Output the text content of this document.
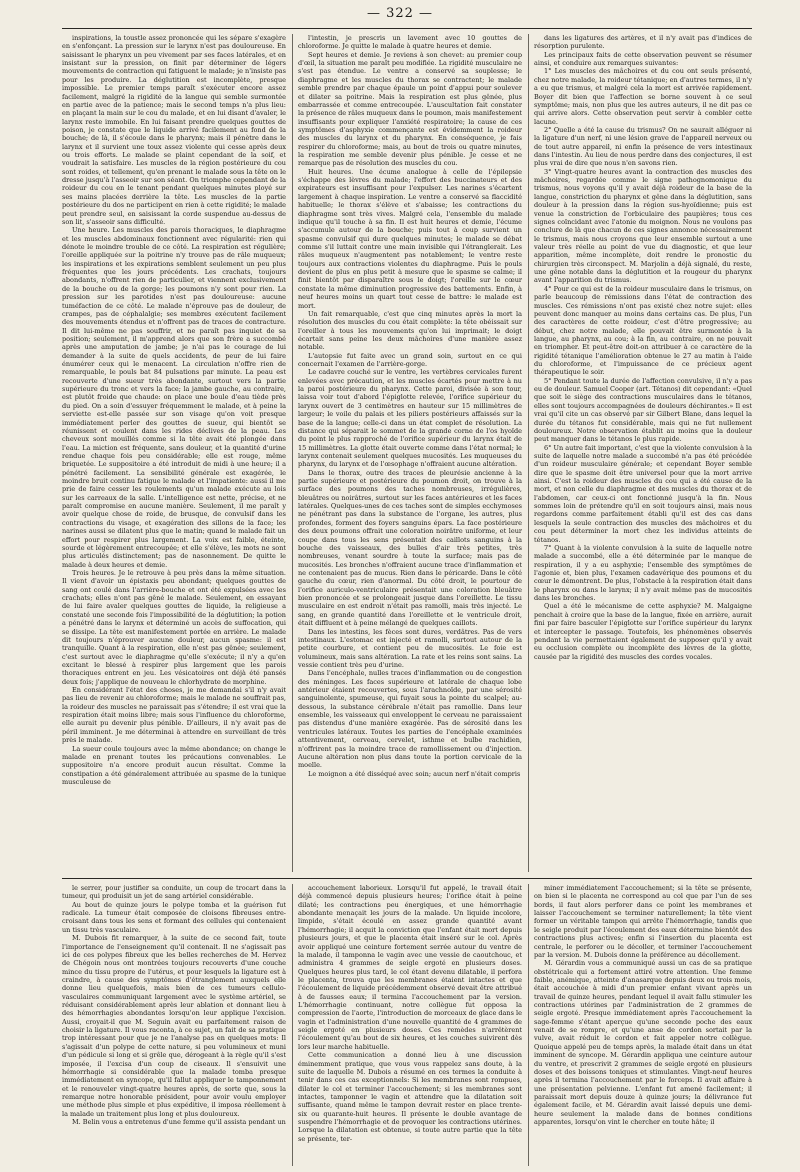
— 322 —

inspirations, la toustle assez prononcée qui les sépare s'exagère en s'enfonçant. La pression sur le larynx n'est pas douloureuse. En saisissant le pharynx un peu vivement par ses faces latérales, et en insistant sur la pression, on finit par déterminer de légers mouvements de contraction qui fatiguent le malade; je n'insiste pas pour les produire. La déglutition est incomplète, presque impossible. Le premier temps paraît s'exécuter encore assez facilement, malgré la rigidité de la langue qui semble surmontée en partie avec de la patience; mais le second temps n'a plus lieu: en plaçant la main sur le cou du malade, et en lui disant d'avaler, le larynx reste immobile. En lui faisant prendre quelques gouttes de poison, je constate que le liquide arrivé facilement au fond de la bouche; de là, il s'écoule dans le pharynx; mais il pénètre dans le larynx et il survient une toux assez violente qui cesse après deux ou trois efforts. Le malade se plaint cependant de la soif, et voudrait la satisfaire. Les muscles de la région postérieure du cou sont roides, et tellement, qu'en prenant le malade sous la tête on le dresse jusqu'à l'asseoir sur son séant. On triomphe cependant de la roideur du cou en le tenant pendant quelques minutes ployé sur ses mains placées derrière la tête. Les muscles de la partie postérieure du dos ne participent en rien à cette rigidité; le malade peut prendre seul, en saisissant la corde suspendue au-dessus de son lit, s'asseoir sans difficulté.

Une heure. Les muscles des parois thoraciques, le diaphragme et les muscles abdominaux fonctionnent avec régularité: rien qui dénote le moindre trouble de ce côté. La respiration est régulière; l'oreille appliquée sur la poitrine n'y trouve pas de râle muqueux; les inspirations et les expirations semblent seulement un peu plus fréquentes que les jours précédents. Les crachats, toujours abondants, n'offrent rien de particulier, et viennent exclusivement de la bouche ou de la gorge; les poumons n'y sont pour rien. La pression sur les parotides n'est pas douloureuse: aucune tuméfaction de ce côté. Le malade n'éprouve pas de douleur, de crampes, pas de céphalalgie; ses membres exécutent facilement des mouvements étendus et n'offrent pas de traces de contracture. Il dit lui-même ne pas souffrir, et ne paraît pas inquiet de sa position; seulement, il m'apprend alors que son frère a succombé après une amputation de jambe; je n'ai pas le courage de lui demander à la suite de quels accidents, de peur de lui faire énumérer ceux qui le menacent. La circulation n'offre rien de remarquable, le pouls bat 84 pulsations par minute. La peau est recouverte d'une sueur très abondante, surtout vers la partie supérieure du tronc et vers la face; la jambe gauche, au contraire, est plutôt froide que chaude: on place une boule d'eau tiède près du pied. On a soin d'essuyer fréquemment le malade, et à peine la serviette est-elle passée sur son visage qu'on voit presque immédiatement perler des gouttes de sueur, qui bientôt se réunissent et coulent dans les rides déclives de la peau. Les cheveux sont mouillés comme si la tête avait été plongée dans l'eau. La miction est fréquente, sans douleur, et la quantité d'urine rendue chaque fois peu considérable; elle est rouge, même briquetée. Le suppositoire a été introduit de midi à une heure; il a pénétré facilement. La sensibilité générale est exagérée, le moindre bruit continu fatigue le malade et l'impatiente: aussi il me prie de faire cesser les roulements qu'un malade exécute au lois sur les carreaux de la salle. L'intelligence est nette, précise, et ne paraît compromise en aucune manière. Seulement, il me paraît y avoir quelque chose de roide, de brusque, de convulsif dans les contractions du visage, et exagération des sillons de la face; les narines aussi se dilatent plus que le matin; quand le malade fait un effort pour respirer plus largement. La voix est faible, éteinte, sourde et légèrement entrecoupée; et elle s'élève, les mots ne sont plus articulés distinctement; pas de nasonnement. De quitte le malade à deux heures et demie.

Trois heures. Je le retrouve à peu près dans la même situation. Il vient d'avoir un épistaxis peu abondant; quelques gouttes de sang ont coulé dans l'arrière-bouche et ont été expulsées avec les crachats; elles n'ont pas gêné le malade. Seulement, en essayant de lui faire avaler quelques gouttes de liquide, la religieuse a constaté une seconde fois l'impossibilité de la déglutition; la potion a pénétré dans le larynx et déterminé un accès de suffocation, qui se dissipe. La tête est manifestement portée en arrière. Le malade dit toujours n'éprouver aucune douleur, aucun spasme: il est tranquille. Quant à la respiration, elle n'est pas gênée; seulement, c'est surtout avec le diaphragme qu'elle s'exécute; il n'y a qu'en excitant le blessé à respirer plus largement que les parois thoraciques entrent en jeu. Les vésicatoires ont déjà été pansés deux fois; j'applique de nouveau le chlorhydrate de morphine.

En considérant l'état des choses, je me demandai s'il n'y avait pas lieu de revenir au chloroforme; mais le malade ne souffrait pas, la roideur des muscles ne paraissait pas s'étendre; il est vrai que la respiration était moins libre; mais sous l'influence du chloroforme, elle aurait pu devenir plus pénible. D'ailleurs, il n'y avait pas de péril imminent. Je me déterminai à attendre en surveillant de très près le malade.

La sueur coule toujours avec la même abondance; on change le malade en prenant toutes les précautions convenables. Le suppositoire n'a encore produit aucun résultat. Comme la constipation a été généralement attribuée au spasme de la tunique musculeuse de

l'intestin, je prescris un lavement avec 10 gouttes de chloroforme. Je quitte le malade à quatre heures et demie.

Sept heures et demie. Je reviens à son chevet: au premier coup d'œil, la situation me paraît peu modifiée. La rigidité musculaire ne s'est pas étendue. Le ventre a conservé sa souplesse; le diaphragme et les muscles du thorax se contractent; le malade semble prendre par chaque épaule un point d'appui pour soulever et dilater sa poitrine. Mais la respiration est plus gênée, plus embarrassée et comme entrecoupée. L'auscultation fait constater la présence de râles muqueux dans le poumon, mais manifestement insuffisants pour expliquer l'anxiété respiratoire; la cause de ces symptômes d'asphyxie commençante est évidemment la roideur des muscles du larynx et du pharynx. En conséquence, je fais respirer du chloroforme; mais, au bout de trois ou quatre minutes, la respiration me semble devenir plus pénible. Je cesse et ne remarque pas de résolution des muscles du cou.

Huit heures. Une écume analogue à celle de l'épilepsie s'échappe des lèvres du malade; l'effort des buccinateurs et des expirateurs est insuffisant pour l'expulser. Les narines s'écartent largement à chaque inspiration. Le ventre a conservé sa flaccidité habituelle; le thorax s'élève et s'abaisse; les contractions du diaphragme sont très vives. Malgré cela, l'ensemble du malade indique qu'il touche à sa fin. Il est huit heures et demie, l'écume s'accumule autour de la bouche; puis tout à coup survient un spasme convulsif qui dure quelques minutes; le malade se débat comme s'il luttait contre une main invisible qui l'étranglerait. Les râles muqueux n'augmentent pas notablement; le ventre reste toujours aux contractions violentes du diaphragme. Puis le pouls devient de plus en plus petit à mesure que le spasme se calme; il finit bientôt par disparaître sous le doigt; l'oreille sur le cœur constate la même diminution progressive des battements. Enfin, à neuf heures moins un quart tout cesse de battre: le malade est mort.

Un fait remarquable, c'est que cinq minutes après la mort la résolution des muscles du cou était complète: la tête obéissait sur l'oreiller à tous les mouvements qu'on lui imprimait; le doigt écartait sans peine les deux mâchoires d'une manière assez notable.

L'autopsie fut faite avec un grand soin, surtout en ce qui concernait l'examen de l'arrière-gorge.

Le cadavre couché sur le ventre, les vertèbres cervicales furent enlevées avec précaution, et les muscles écartés pour mettre à nu la paroi postérieure du pharynx. Cette paroi, divisée à son tour, laissa voir tout d'abord l'épiglotte relevée, l'orifice supérieur du larynx ouvert de 3 centimètres en hauteur sur 15 millimètres de largeur; le voile du palais et les piliers postérieurs affaissés sur la base de la langue; celle-ci dans un état complet de résolution. La distance qui séparait le sommet de la grande corne de l'os hyoïde du point le plus rapproché de l'orifice supérieur du larynx était de 15 millimètres. La glotte était ouverte comme dans l'état normal; le larynx contenait seulement quelques mucosités. Les muqueuses du pharynx, du larynx et de l'œsophage n'offraient aucune altération.

Dans le thorax, outre des traces de pleurésie ancienne à la partie supérieure et postérieure du poumon droit, on trouve à la surface des poumons des taches nombreuses, irrégulières, bleuâtres ou noirâtres, surtout sur les faces antérieures et les faces latérales. Quelques-unes de ces taches sont de simples ecchymoses ne pénétrant pas dans la substance de l'organe, les autres, plus profondes, forment des foyers sanguins épars. La face postérieure des deux poumons offrait une coloration noirâtre uniforme, et leur coupe dans tous les sens présentait des caillots sanguins à la bouche des vaisseaux, des bulles d'air très petites, très nombreuses, venant sourdre à toute la surface; mais pas de mucosités. Les bronches n'offraient aucune trace d'inflammation et ne contenaient pas de mucus. Rien dans le péricarde. Dans le côté gauche du cœur, rien d'anormal. Du côté droit, le pourtour de l'orifice auriculo-ventriculaire présentait une coloration bleuâtre bien prononcée et se prolongeait jusque dans l'oreillette. Le tissu musculaire en est endroit n'était pas ramolli, mais très injecté. Le sang, en grande quantité dans l'oreillette et le ventricule droit, était diffluent et à peine mélangé de quelques caillots.

Dans les intestins, les fèces sont dures, verdâtres. Pas de vers intestinaux. L'estomac est injecté et ramolli, surtout autour de la petite courbure, et contient peu de mucosités. Le foie est volumineux, mais sans altération. La rate et les reins sont sains. La vessie contient très peu d'urine.

Dans l'encéphale, nulles traces d'inflammation ou de congestion des méninges. Les faces supérieure et latérale de chaque lobe antérieur étaient recouvertes, sous l'arachnoïde, par une sérosité sanguinolente, spumeuse, qui fuyait sous la pointe du scalpel; au-dessous, la substance cérébrale n'était pas ramollie. Dans leur ensemble, les vaisseaux qui enveloppent le cerveau ne paraissaient pas distendus d'une manière exagérée. Pas de sérosité dans les ventricules latéraux. Toutes les parties de l'encéphale examinées attentivement, cerveau, cervelet, isthme et bulbe rachidien, n'offrirent pas la moindre trace de ramollissement ou d'injection. Aucune altération non plus dans toute la portion cervicale de la moelle.

Le moignon a été disséqué avec soin; aucun nerf n'était compris

dans les ligatures des artères, et il n'y avait pas d'indices de résorption purulente.

Les principaux faits de cette observation peuvent se résumer ainsi, et conduire aux remarques suivantes:

1° Les muscles des mâchoires et du cou ont seuls présenté, chez notre malade, la roideur tétanique; en d'autres termes, il n'y a eu que trismus, et malgré cela la mort est arrivée rapidement. Boyer dit bien que l'affection se borne souvent à ce seul symptôme; mais, non plus que les autres auteurs, il ne dit pas ce qui arrive alors. Cette observation peut servir à combler cette lacune.

2° Quelle a été la cause du trismus? On ne saurait alléguer ni la ligature d'un nerf, ni une lésion grave de l'appareil nerveux ou de tout autre appareil, ni enfin la présence de vers intestinaux dans l'intestin. Au lieu de nous perdre dans des conjectures, il est plus vrai de dire que nous n'en savons rien.

3° Vingt-quatre heures avant la contraction des muscles des mâchoires, regardée comme le signe pathognomonique du trismus, nous voyons qu'il y avait déjà roideur de la base de la langue, constriction du pharynx et gêne dans la déglutition, sans douleur à la pression dans la région sus-hyoïdienne; puis est venue la constriction de l'orbiculaire des paupières; tous ces signes coïncidant avec l'atonie du moignon. Nous ne voulons pas conclure de là que chacun de ces signes annonce nécessairement le trismus, mais nous croyons que leur ensemble surtout a une valeur très réelle au point de vue du diagnostic, et que leur apparition, même incomplète, doit rendre le pronostic du chirurgien très circonspect. M. Marjolin a déjà signalé, du reste, une gêne notable dans la déglutition et la rougeur du pharynx avant l'apparition du trismus.

4° Pour ce qui est de la roideur musculaire dans le trismus, on parle beaucoup de rémissions dans l'état de contraction des muscles. Ces rémissions n'ont pas existé chez notre sujet: elles peuvent donc manquer au moins dans certains cas. De plus, l'un des caractères de cette roideur, c'est d'être progressive; au début, chez notre malade, elle pouvait être surmontée à la langue, au pharynx, au cou; à la fin, au contraire, on ne pouvait en triompher. Et peut-être doit-on attribuer à ce caractère de la rigidité tétanique l'amélioration obtenue le 27 au matin à l'aide du chloroforme, et l'impuissance de ce précieux agent thérapeutique le soir.

5° Pendant toute la durée de l'affection convulsive, il n'y a pas eu de douleur. Samuel Cooper (art. Tétanos) dit cependant: «Quel que soit le siège des contractions musculaires dans le tétanos, elles sont toujours accompagnées de douleurs déchirantes.» Il est vrai qu'il cite un cas observé par sir Gilbert Blane, dans lequel la durée du tétanos fut considérable, mais qui ne fut nullement douloureux. Notre observation établit au moins que la douleur peut manquer dans le tétanos le plus rapide.

6° Un autre fait important, c'est que la violente convulsion à la suite de laquelle notre malade a succombé n'a pas été précédée d'un roideur musculaire générale; et cependant Boyer semble dire que le spasme doit être universel pour que la mort arrive ainsi. C'est la roideur des muscles du cou qui a été cause de la mort, et non celle du diaphragme et des muscles du thorax et de l'abdomen, car ceux-ci ont fonctionné jusqu'à la fin. Nous sommes loin de prétendre qu'il en soit toujours ainsi, mais nous regardons comme parfaitement établi qu'il est des cas dans lesquels la seule contraction des muscles des mâchoires et du cou peut déterminer la mort chez les individus atteints de tétanos.

7° Quant à la violente convulsion à la suite de laquelle notre malade a succombé, elle a été déterminée par le manque de respiration, il y a eu asphyxie; l'ensemble des symptômes de l'agonie et, bien plus, l'examen cadavérique des poumons et du cœur le démontrent. De plus, l'obstacle à la respiration était dans le pharynx ou dans le larynx; il n'y avait même pas de mucosités dans les bronches.

Quel a été le mécanisme de cette asphyxie? M. Malgaigne penchait à croire que la base de la langue, fixée en arrière, aurait fini par faire basculer l'épiglotte sur l'orifice supérieur du larynx et intercepter le passage. Toutefois, les phénomènes observés pendant la vie permettaient également de supposer qu'il y avait eu occlusion complète ou incomplète des lèvres de la glotte, causée par la rigidité des muscles des cordes vocales.

le serrer, pour justifier sa conduite, un coup de trocart dans la tumeur, qui produisit un jet de sang artériel considérable.

Au bout de quinze jours le polype tomba et la guérison fut radicale. La tumeur était composée de cloisons fibreuses entre-croisant dans tous les sens et formant des cellules qui contenaient un tissu très vasculaire.

M. Dubois fit remarquer, à la suite de ce second fait, toute l'importance de l'enseignement qu'il contenait. Il ne s'agissait pas ici de ces polypes fibreux que les belles recherches de M. Hervez de Chégoin nous ont montrées toujours recouverts d'une couche mince du tissu propre de l'utérus, et pour lesquels la ligature est à craindre, à cause des symptômes d'étranglement auxquels elle donne lieu quelquefois, mais bien de ces tumeurs cellulo-vasculaires communiquant largement avec le système artériel, se réduisant considérablement après leur ablation et donnant lieu à des hémorrhagies abondantes lorsqu'on leur applique l'excision. Aussi, croyait-il que M. Seguin avait eu parfaitement raison de choisir la ligature. Il vous raconta, à ce sujet, un fait de sa pratique trop intéressant pour que je ne l'analyse pas en quelques mots: Il s'agissait d'un polype de cette nature, si peu volumineux et muni d'un pédicule si long et si grêle que, dérogeant à la règle qu'il s'est imposée, il l'excisa d'un coup de ciseaux. Il s'ensuivit une hémorrhagie si considérable que la malade tomba presque immédiatement en syncope, qu'il fallut appliquer le tamponnement et le renouveler vingt-quatre heures après, de sorte que, sous la remarque notre honorable président, pour avoir voulu employer une méthode plus simple et plus expéditive, il imposa réellement à la malade un traitement plus long et plus douloureux.

M. Belin vous a entretenus d'une femme qu'il assista pendant un

accouchement laborieux. Lorsqu'il fut appelé, le travail était déjà commencé depuis plusieurs heures; l'orifice était à peine dilaté; les contractions peu énergiques, et une hémorrhagie abondante menaçait les jours de la malade. Un liquide incolore, limpide, s'était écoulé en assez grande quantité avant l'hémorrhagie; il acquit la conviction que l'enfant était mort depuis plusieurs jours, et que le placenta était inséré sur le col. Après avoir appliqué une ceinture fortement serrée autour du ventre de la malade, il tamponna le vagin avec une vessie de caoutchouc, et administra 4 grammes de seigle ergoté en plusieurs doses. Quelques heures plus tard, le col étant devenu dilatable, il perfora le placenta, trouva que les membranes étaient intactes et que l'écoulement de liquide précédemment observé devait être attribué à de fausses eaux; il termina l'accouchement par la version. L'hémorrhagie continuant, notre collègue fut opposa la compression de l'aorte, l'introduction de morceaux de glace dans le vagin et l'administration d'une nouvelle quantité de 4 grammes de seigle ergoté en plusieurs doses. Ces remèdes n'arrêtèrent l'écoulement qu'au bout de six heures, et les couches suivirent dès lors leur marche habituelle.

Cette communication a donné lieu à une discussion éminemment pratique, que vous vous rappelez sans doute, à la suite de laquelle M. Dubois a résumé en ces termes la conduite à tenir dans ces cas exceptionnels: Si les membranes sont rompues, dilater le col et terminer l'accouchement; si les membranes sont intactes, tamponner le vagin et attendre que la dilatation soit suffisante, quand même le tampon devrait rester en place trente-six ou quarante-huit heures. Il présente le double avantage de suspendre l'hémorrhagie et de provoquer les contractions utérines. Lorsque la dilatation est obtenue, si toute autre partie que la tête se présente, ter-

miner immédiatement l'accouchement; si la tête se présente, on bien si le placenta ne correspond au col que par l'un de ses bords, il faut alors perforer dans ce point les membranes et laisser l'accouchement se terminer naturellement; la tête vient former un véritable tampon qui arrête l'hémorrhagie, tandis que le seigle produit par l'écoulement des eaux détermine bientôt des contractions plus actives; enfin si l'insertion du placenta est centrale, le perforer ou le décoller, et terminer l'accouchement par la version. M. Dubois donne la préférence au décollement.

M. Gérardin vous a communiqué aussi un cas de sa pratique obstétricale qui a fortement attiré votre attention. Une femme faible, anémique, atteinte d'anasarque depuis deux ou trois mois, était accouchée à midi d'un premier enfant vivant après un travail de quinze heures, pendant lequel il avait fallu stimuler les contractions utérines par l'administration de 2 grammes de seigle ergoté. Presque immédiatement après l'accouchement la sage-femme s'étant aperçue qu'une seconde poche des eaux venait de se rompre, et qu'une anse de cordon sortait par la vulve, avait réduit le cordon et fait appeler notre collègue. Quoique appelé peu de temps après, la malade était dans un état imminent de syncope. M. Gérardin appliqua une ceinture autour du ventre, et prescrivit 2 grammes de seigle ergoté en plusieurs doses et des boissons toniques et stimulantes. Vingt-neuf heures après il termina l'accouchement par le forceps. Il avait affaire à une présentation pelvienne. L'enfant fut amené facilement; il paraissait mort depuis douze à quinze jours; la délivrance fut également facile, et M. Gérardin avait laissé depuis une demi-heure seulement la malade dans de bonnes conditions apparentes, lorsqu'on vint le chercher en toute hâte; il
